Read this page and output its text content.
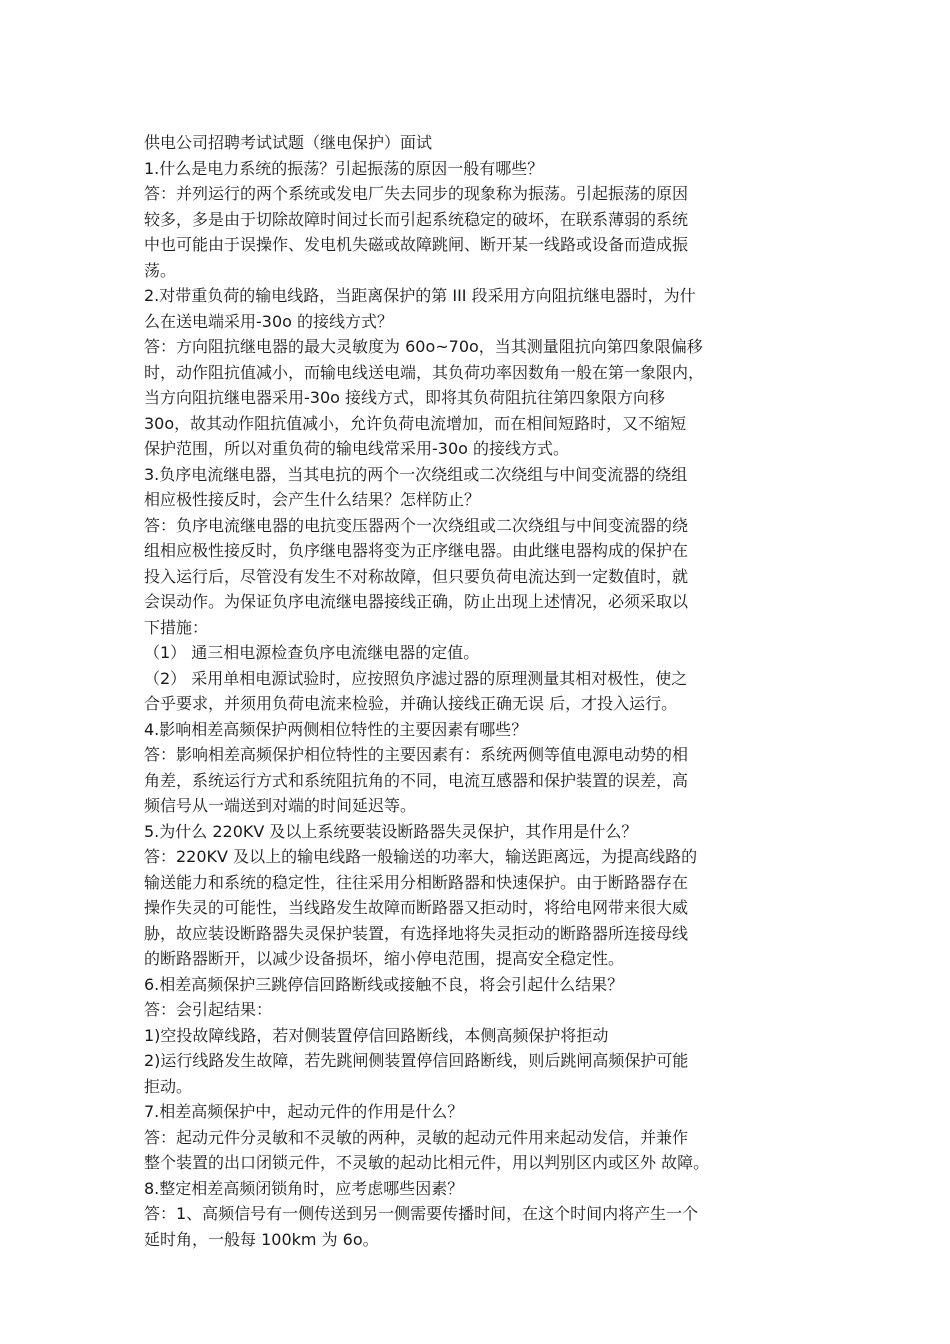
供电公司招聘考试试题（继电保护）面试
1.什么是电力系统的振荡？引起振荡的原因一般有哪些？
答：并列运行的两个系统或发电厂失去同步的现象称为振荡。引起振荡的原因
较多，多是由于切除故障时间过长而引起系统稳定的破坏，在联系薄弱的系统
中也可能由于误操作、发电机失磁或故障跳闸、断开某一线路或设备而造成振
荡。
2.对带重负荷的输电线路，当距离保护的第 III 段采用方向阻抗继电器时，为什
么在送电端采用-30o 的接线方式？
答：方向阻抗继电器的最大灵敏度为 60o~70o，当其测量阻抗向第四象限偏移
时，动作阻抗值减小，而输电线送电端，其负荷功率因数角一般在第一象限内，
当方向阻抗继电器采用-30o 接线方式，即将其负荷阻抗往第四象限方向移
30o，故其动作阻抗值减小，允许负荷电流增加，而在相间短路时，又不缩短
保护范围，所以对重负荷的输电线常采用-30o 的接线方式。
3.负序电流继电器，当其电抗的两个一次绕组或二次绕组与中间变流器的绕组
相应极性接反时，会产生什么结果？怎样防止？
答：负序电流继电器的电抗变压器两个一次绕组或二次绕组与中间变流器的绕
组相应极性接反时，负序继电器将变为正序继电器。由此继电器构成的保护在
投入运行后，尽管没有发生不对称故障，但只要负荷电流达到一定数值时，就
会误动作。为保证负序电流继电器接线正确，防止出现上述情况，必须采取以
下措施：
（1） 通三相电源检查负序电流继电器的定值。
（2） 采用单相电源试验时，应按照负序滤过器的原理测量其相对极性，使之
合乎要求，并须用负荷电流来检验，并确认接线正确无误 后，才投入运行。
4.影响相差高频保护两侧相位特性的主要因素有哪些？
答：影响相差高频保护相位特性的主要因素有：系统两侧等值电源电动势的相
角差，系统运行方式和系统阻抗角的不同，电流互感器和保护装置的误差，高
频信号从一端送到对端的时间延迟等。
5.为什么 220KV 及以上系统要装设断路器失灵保护，其作用是什么？
答：220KV 及以上的输电线路一般输送的功率大，输送距离远，为提高线路的
输送能力和系统的稳定性，往往采用分相断路器和快速保护。由于断路器存在
操作失灵的可能性，当线路发生故障而断路器又拒动时，将给电网带来很大威
胁，故应装设断路器失灵保护装置，有选择地将失灵拒动的断路器所连接母线
的断路器断开，以减少设备损坏，缩小停电范围，提高安全稳定性。
6.相差高频保护三跳停信回路断线或接触不良，将会引起什么结果？
答：会引起结果：
1)空投故障线路，若对侧装置停信回路断线，本侧高频保护将拒动
2)运行线路发生故障，若先跳闸侧装置停信回路断线，则后跳闸高频保护可能
拒动。
7.相差高频保护中，起动元件的作用是什么？
答：起动元件分灵敏和不灵敏的两种，灵敏的起动元件用来起动发信，并兼作
整个装置的出口闭锁元件，不灵敏的起动比相元件，用以判别区内或区外 故障。
8.整定相差高频闭锁角时，应考虑哪些因素？
答：1、高频信号有一侧传送到另一侧需要传播时间，在这个时间内将产生一个
延时角，一般每 100km 为 6o。
